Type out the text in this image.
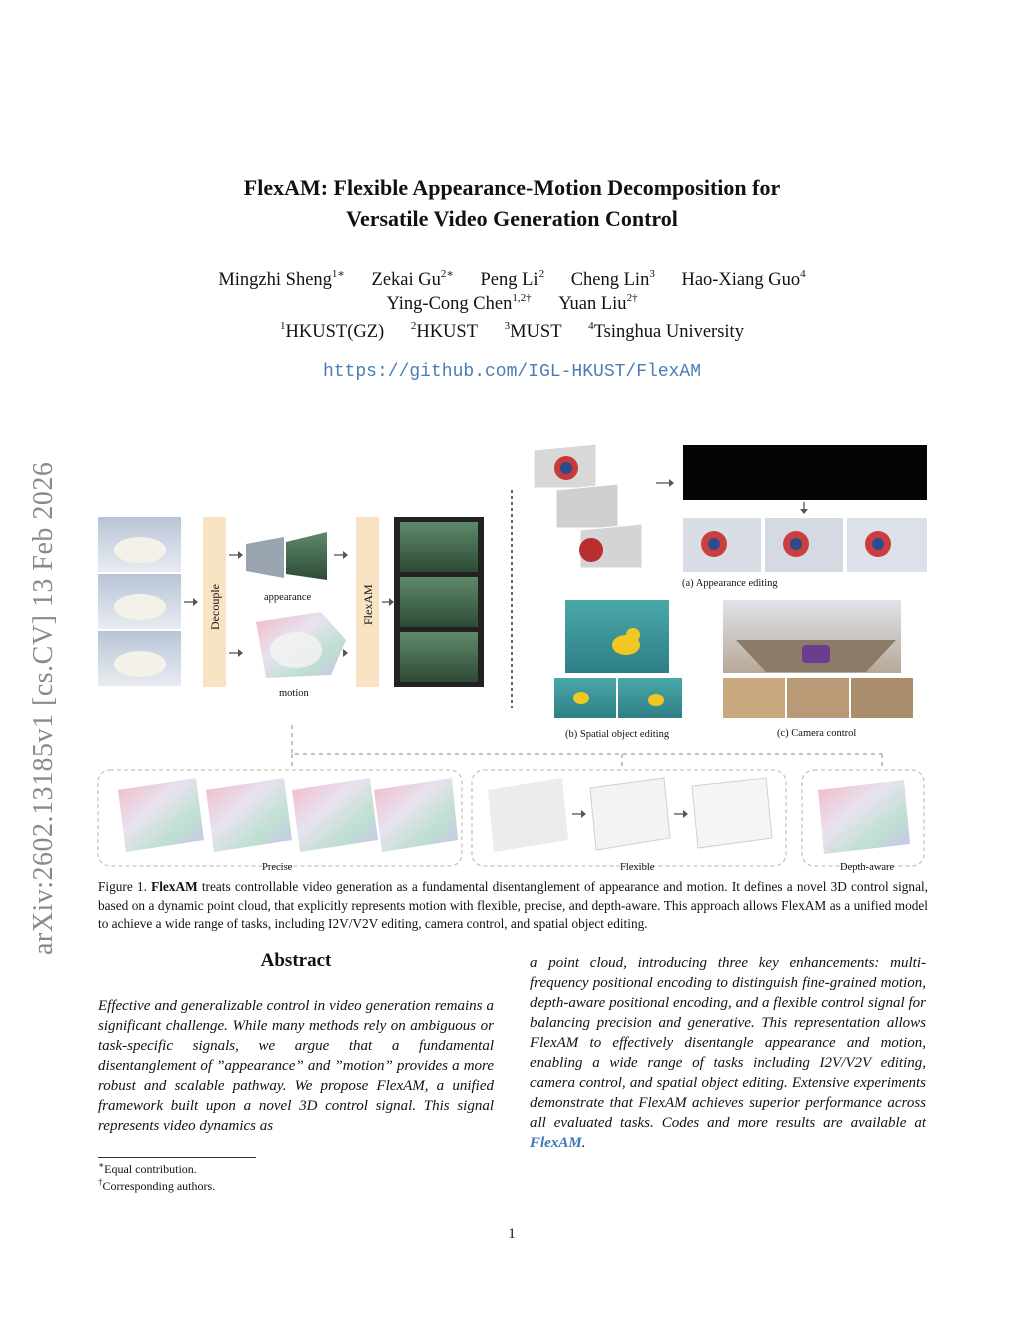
FlexAM: Flexible Appearance-Motion Decomposition for
Versatile Video Generation Control
Mingzhi Sheng$^{1∗}$ Zekai $Gu^{2∗}$ Peng Li$^2$ Cheng Lin$^3$ Hao-Xiang Guo$^4$
Ying-Cong Chen$^{1,2\dagger}$ Yuan Liu$^{2\dagger}$
$^1$HKUST(GZ) $^2$HKUST $^3$MUST $^4$Tsinghua University
https://github.com/IGL-HKUST/FlexAM
arXiv:2602.13185v1 [cs.CV] 13 Feb 2026	Decouple	appearance
motion
FlexAM
(a) Appearance editing
(b) Spatial object editing	(c) Camera control
Precise	Flexible	Depth-aware
Figure 1. FlexAM treats controllable video generation as a fundamental disentanglement of appearance and motion. It defines a novel 3D control signal, based on a dynamic point cloud, that explicitly represents motion with flexible, precise, and depth-aware. This approach allows FlexAM as a unified model to achieve a wide range of tasks, including I2V/V2V editing, camera control, and spatial object editing.
Abstract
Effective and generalizable control in video generation remains a significant challenge. While many methods rely on ambiguous or task-specific signals, we argue that a fundamental disentanglement of ”appearance” and ”motion” provides a more robust and scalable pathway. We propose FlexAM, a unified framework built upon a novel 3D control signal. This signal represents video dynamics as
a point cloud, introducing three key enhancements: multi-frequency positional encoding to distinguish fine-grained motion, depth-aware positional encoding, and a flexible control signal for balancing precision and generative. This representation allows FlexAM to effectively disentangle appearance and motion, enabling a wide range of tasks including I2V/V2V editing, camera control, and spatial object editing. Extensive experiments demonstrate that FlexAM achieves superior performance across all evaluated tasks. Codes and more results are available at FlexAM.
∗Equal contribution.
†Corresponding authors.
1
